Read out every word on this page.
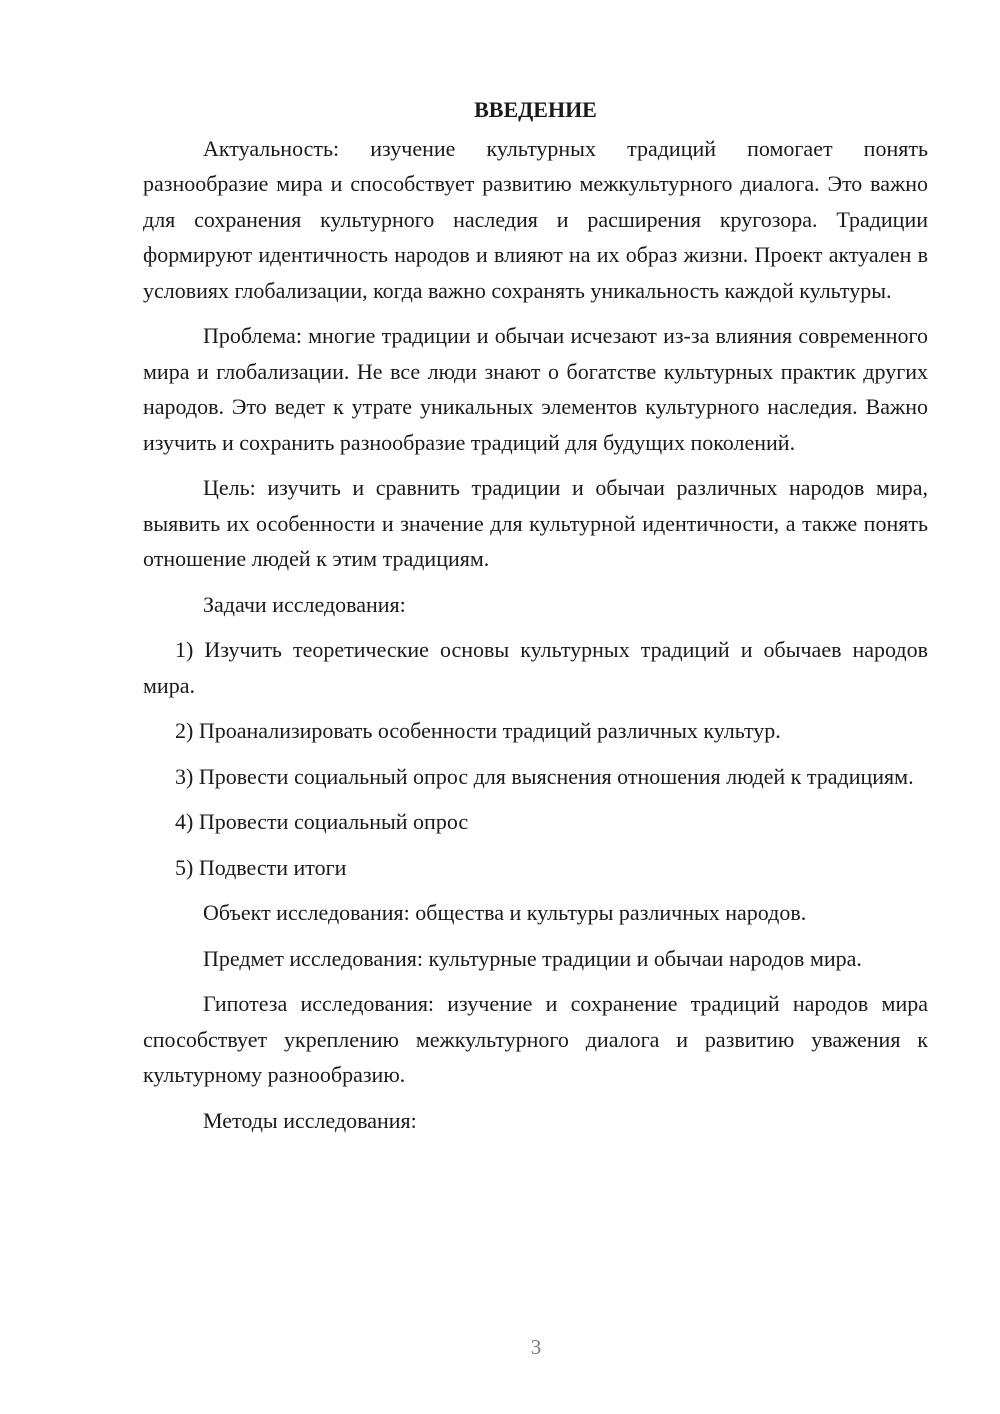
ВВЕДЕНИЕ

Актуальность: изучение культурных традиций помогает понять разнообразие мира и способствует развитию межкультурного диалога. Это важно для сохранения культурного наследия и расширения кругозора. Традиции формируют идентичность народов и влияют на их образ жизни. Проект актуален в условиях глобализации, когда важно сохранять уникальность каждой культуры.

Проблема: многие традиции и обычаи исчезают из-за влияния современного мира и глобализации. Не все люди знают о богатстве культурных практик других народов. Это ведет к утрате уникальных элементов культурного наследия. Важно изучить и сохранить разнообразие традиций для будущих поколений.

Цель: изучить и сравнить традиции и обычаи различных народов мира, выявить их особенности и значение для культурной идентичности, а также понять отношение людей к этим традициям.

Задачи исследования:

1) Изучить теоретические основы культурных традиций и обычаев народов мира.

2) Проанализировать особенности традиций различных культур.

3) Провести социальный опрос для выяснения отношения людей к традициям.

4) Провести социальный опрос

5) Подвести итоги

Объект исследования: общества и культуры различных народов.

Предмет исследования: культурные традиции и обычаи народов мира.

Гипотеза исследования: изучение и сохранение традиций народов мира способствует укреплению межкультурного диалога и развитию уважения к культурному разнообразию.

Методы исследования:

3
